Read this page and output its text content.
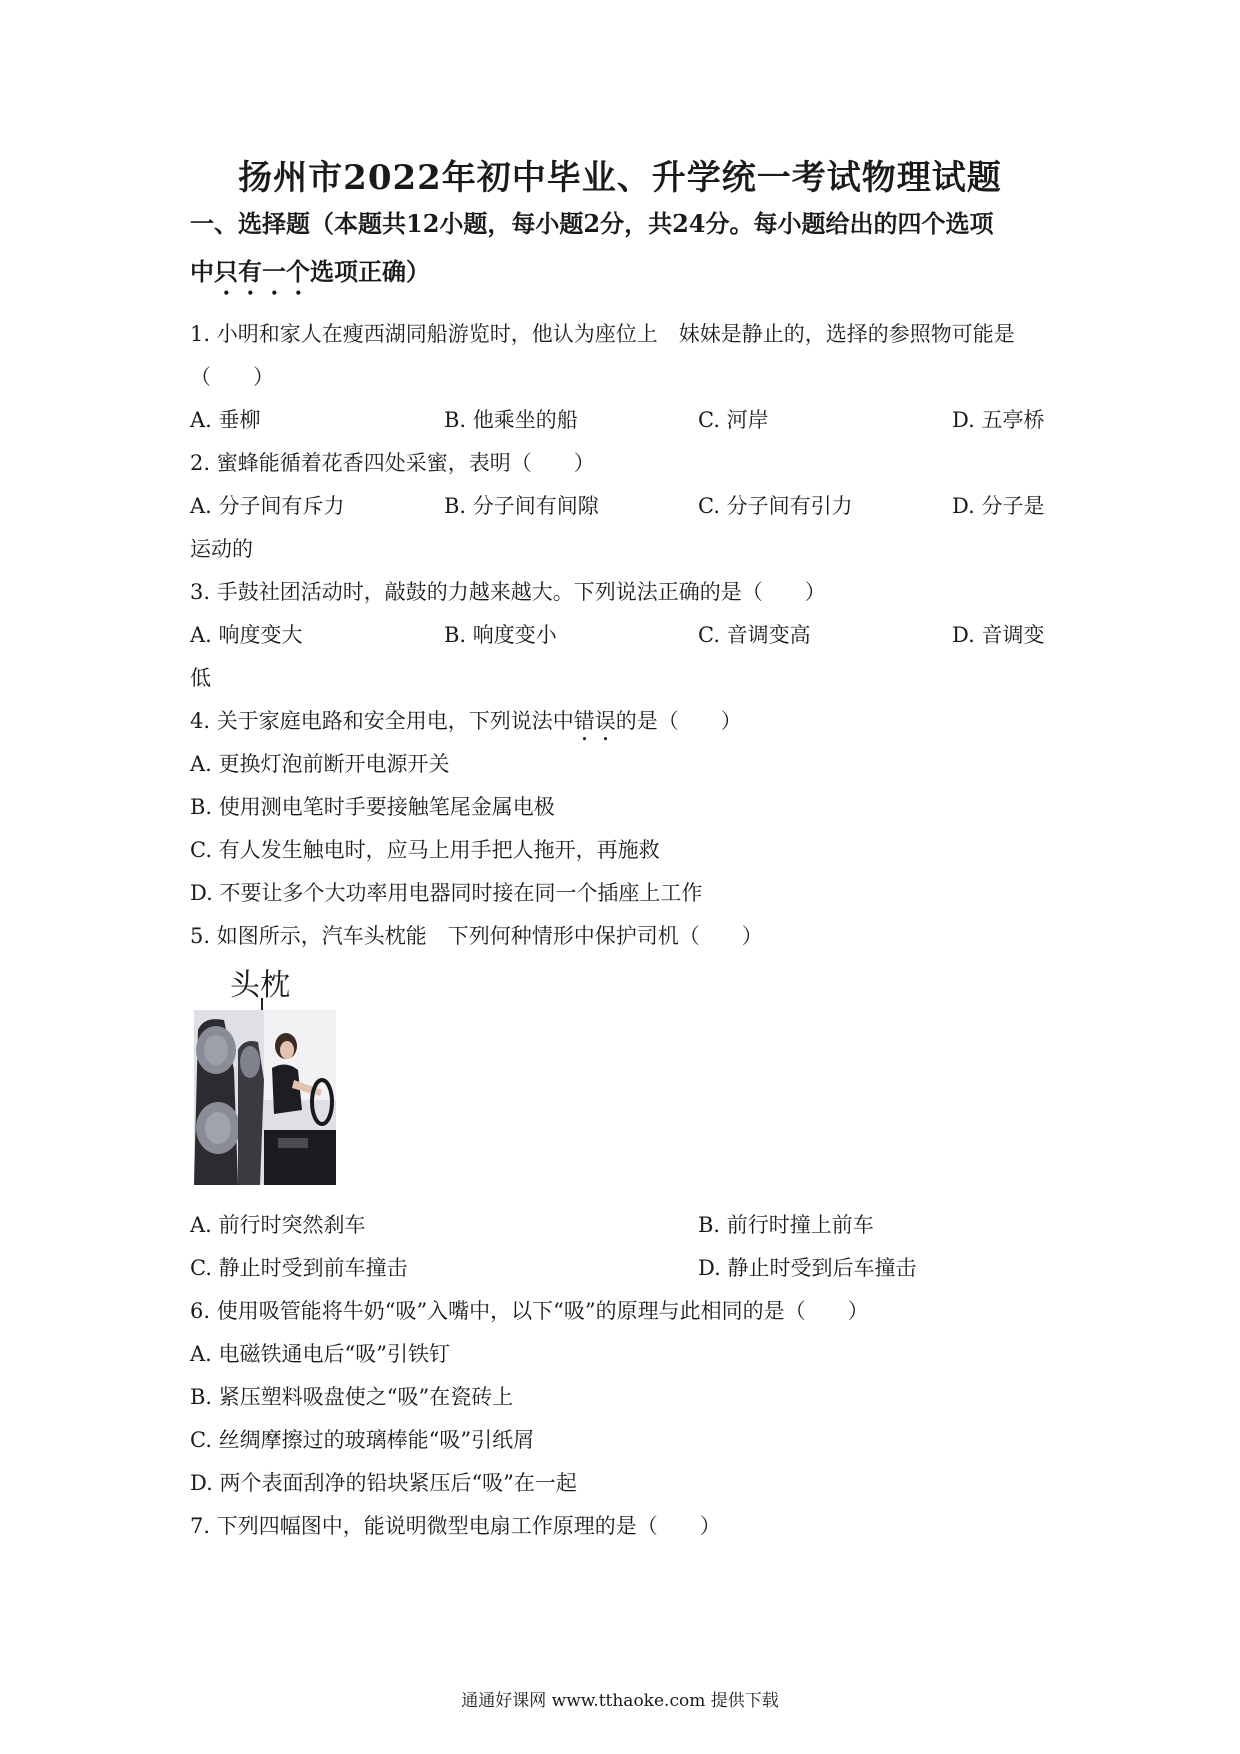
扬州市2022年初中毕业、升学统一考试物理试题
一、选择题（本题共12小题，每小题2分，共24分。每小题给出的四个选项
中只有一个选项正确）
1. 小明和家人在瘦西湖同船游览时，他认为座位上　妹妹是静止的，选择的参照物可能是
（　　）
A. 垂柳	B. 他乘坐的船	C. 河岸	D. 五亭桥
2. 蜜蜂能循着花香四处采蜜，表明（　　）
A. 分子间有斥力	B. 分子间有间隙	C. 分子间有引力	D. 分子是
运动的
3. 手鼓社团活动时，敲鼓的力越来越大。下列说法正确的是（　　）
A. 响度变大	B. 响度变小	C. 音调变高	D. 音调变
低
4. 关于家庭电路和安全用电，下列说法中错误的是（　　）
A. 更换灯泡前断开电源开关
B. 使用测电笔时手要接触笔尾金属电极
C. 有人发生触电时，应马上用手把人拖开，再施救
D. 不要让多个大功率用电器同时接在同一个插座上工作
5. 如图所示，汽车头枕能　下列何种情形中保护司机（　　）
头枕
A. 前行时突然刹车	B. 前行时撞上前车
C. 静止时受到前车撞击	D. 静止时受到后车撞击
6. 使用吸管能将牛奶“吸”入嘴中，以下“吸”的原理与此相同的是（　　）
A. 电磁铁通电后“吸”引铁钉
B. 紧压塑料吸盘使之“吸”在瓷砖上
C. 丝绸摩擦过的玻璃棒能“吸”引纸屑
D. 两个表面刮净的铅块紧压后“吸”在一起
7. 下列四幅图中，能说明微型电扇工作原理的是（　　）
通通好课网 www.tthaoke.com 提供下载
